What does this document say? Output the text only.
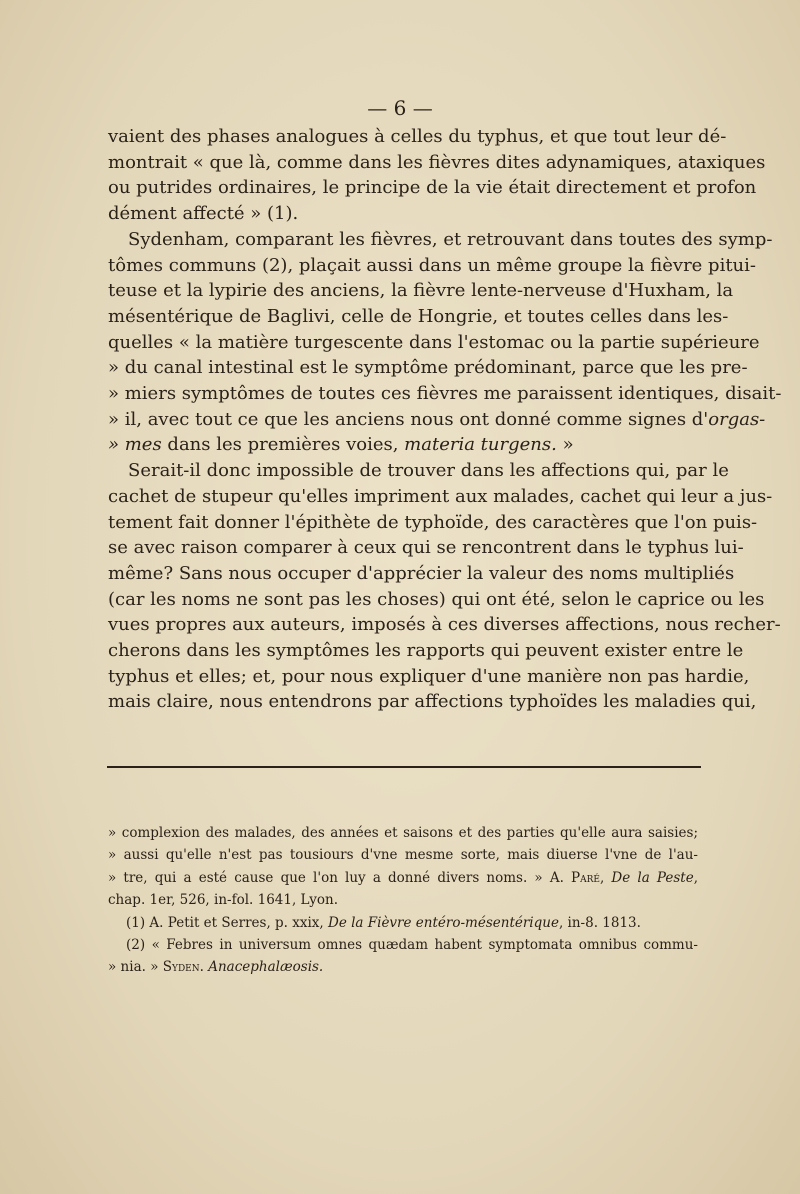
— 6 —
vaient des phases analogues à celles du typhus, et que tout leur dé-
montrait « que là, comme dans les fièvres dites adynamiques, ataxiques
ou putrides ordinaires, le principe de la vie était directement et profon
dément affecté » (1).
Sydenham, comparant les fièvres, et retrouvant dans toutes des symp-
tômes communs (2), plaçait aussi dans un même groupe la fièvre pitui-
teuse et la lypirie des anciens, la fièvre lente-nerveuse d'Huxham, la
mésentérique de Baglivi, celle de Hongrie, et toutes celles dans les-
quelles « la matière turgescente dans l'estomac ou la partie supérieure
» du canal intestinal est le symptôme prédominant, parce que les pre-
» miers symptômes de toutes ces fièvres me paraissent identiques, disait-
» il, avec tout ce que les anciens nous ont donné comme signes d'orgas-
» mes dans les premières voies, materia turgens. »
Serait-il donc impossible de trouver dans les affections qui, par le
cachet de stupeur qu'elles impriment aux malades, cachet qui leur a jus-
tement fait donner l'épithète de typhoïde, des caractères que l'on puis-
se avec raison comparer à ceux qui se rencontrent dans le typhus lui-
même? Sans nous occuper d'apprécier la valeur des noms multipliés
(car les noms ne sont pas les choses) qui ont été, selon le caprice ou les
vues propres aux auteurs, imposés à ces diverses affections, nous recher-
cherons dans les symptômes les rapports qui peuvent exister entre le
typhus et elles; et, pour nous expliquer d'une manière non pas hardie,
mais claire, nous entendrons par affections typhoïdes les maladies qui,
» complexion des malades, des années et saisons et des parties qu'elle aura saisies;
» aussi qu'elle n'est pas tousiours d'vne mesme sorte, mais diuerse l'vne de l'au-
» tre, qui a esté cause que l'on luy a donné divers noms. » A. Paré, De la Peste,
chap. 1er, 526, in-fol. 1641, Lyon.
(1) A. Petit et Serres, p. xxix, De la Fièvre entéro-mésentérique, in-8. 1813.
(2) « Febres in universum omnes quædam habent symptomata omnibus commu-
» nia. » Syden. Anacephalæosis.
